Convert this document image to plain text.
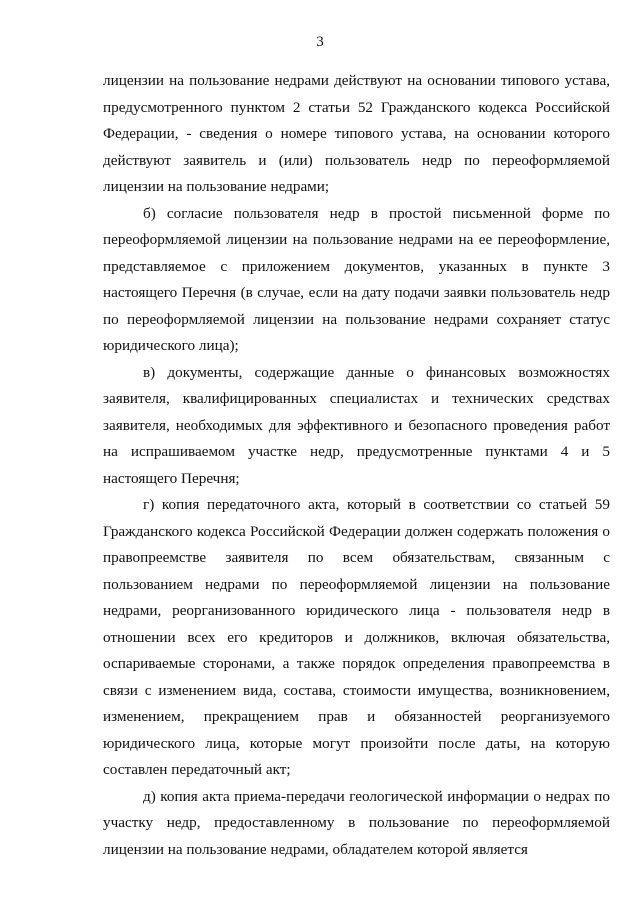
3

лицензии на пользование недрами действуют на основании типового устава, предусмотренного пунктом 2 статьи 52 Гражданского кодекса Российской Федерации, - сведения о номере типового устава, на основании которого действуют заявитель и (или) пользователь недр по переоформляемой лицензии на пользование недрами;

б) согласие пользователя недр в простой письменной форме по переоформляемой лицензии на пользование недрами на ее переоформление, представляемое с приложением документов, указанных в пункте 3 настоящего Перечня (в случае, если на дату подачи заявки пользователь недр по переоформляемой лицензии на пользование недрами сохраняет статус юридического лица);

в) документы, содержащие данные о финансовых возможностях заявителя, квалифицированных специалистах и технических средствах заявителя, необходимых для эффективного и безопасного проведения работ на испрашиваемом участке недр, предусмотренные пунктами 4 и 5 настоящего Перечня;

г) копия передаточного акта, который в соответствии со статьей 59 Гражданского кодекса Российской Федерации должен содержать положения о правопреемстве заявителя по всем обязательствам, связанным с пользованием недрами по переоформляемой лицензии на пользование недрами, реорганизованного юридического лица - пользователя недр в отношении всех его кредиторов и должников, включая обязательства, оспариваемые сторонами, а также порядок определения правопреемства в связи с изменением вида, состава, стоимости имущества, возникновением, изменением, прекращением прав и обязанностей реорганизуемого юридического лица, которые могут произойти после даты, на которую составлен передаточный акт;

д) копия акта приема-передачи геологической информации о недрах по участку недр, предоставленному в пользование по переоформляемой лицензии на пользование недрами, обладателем которой является
